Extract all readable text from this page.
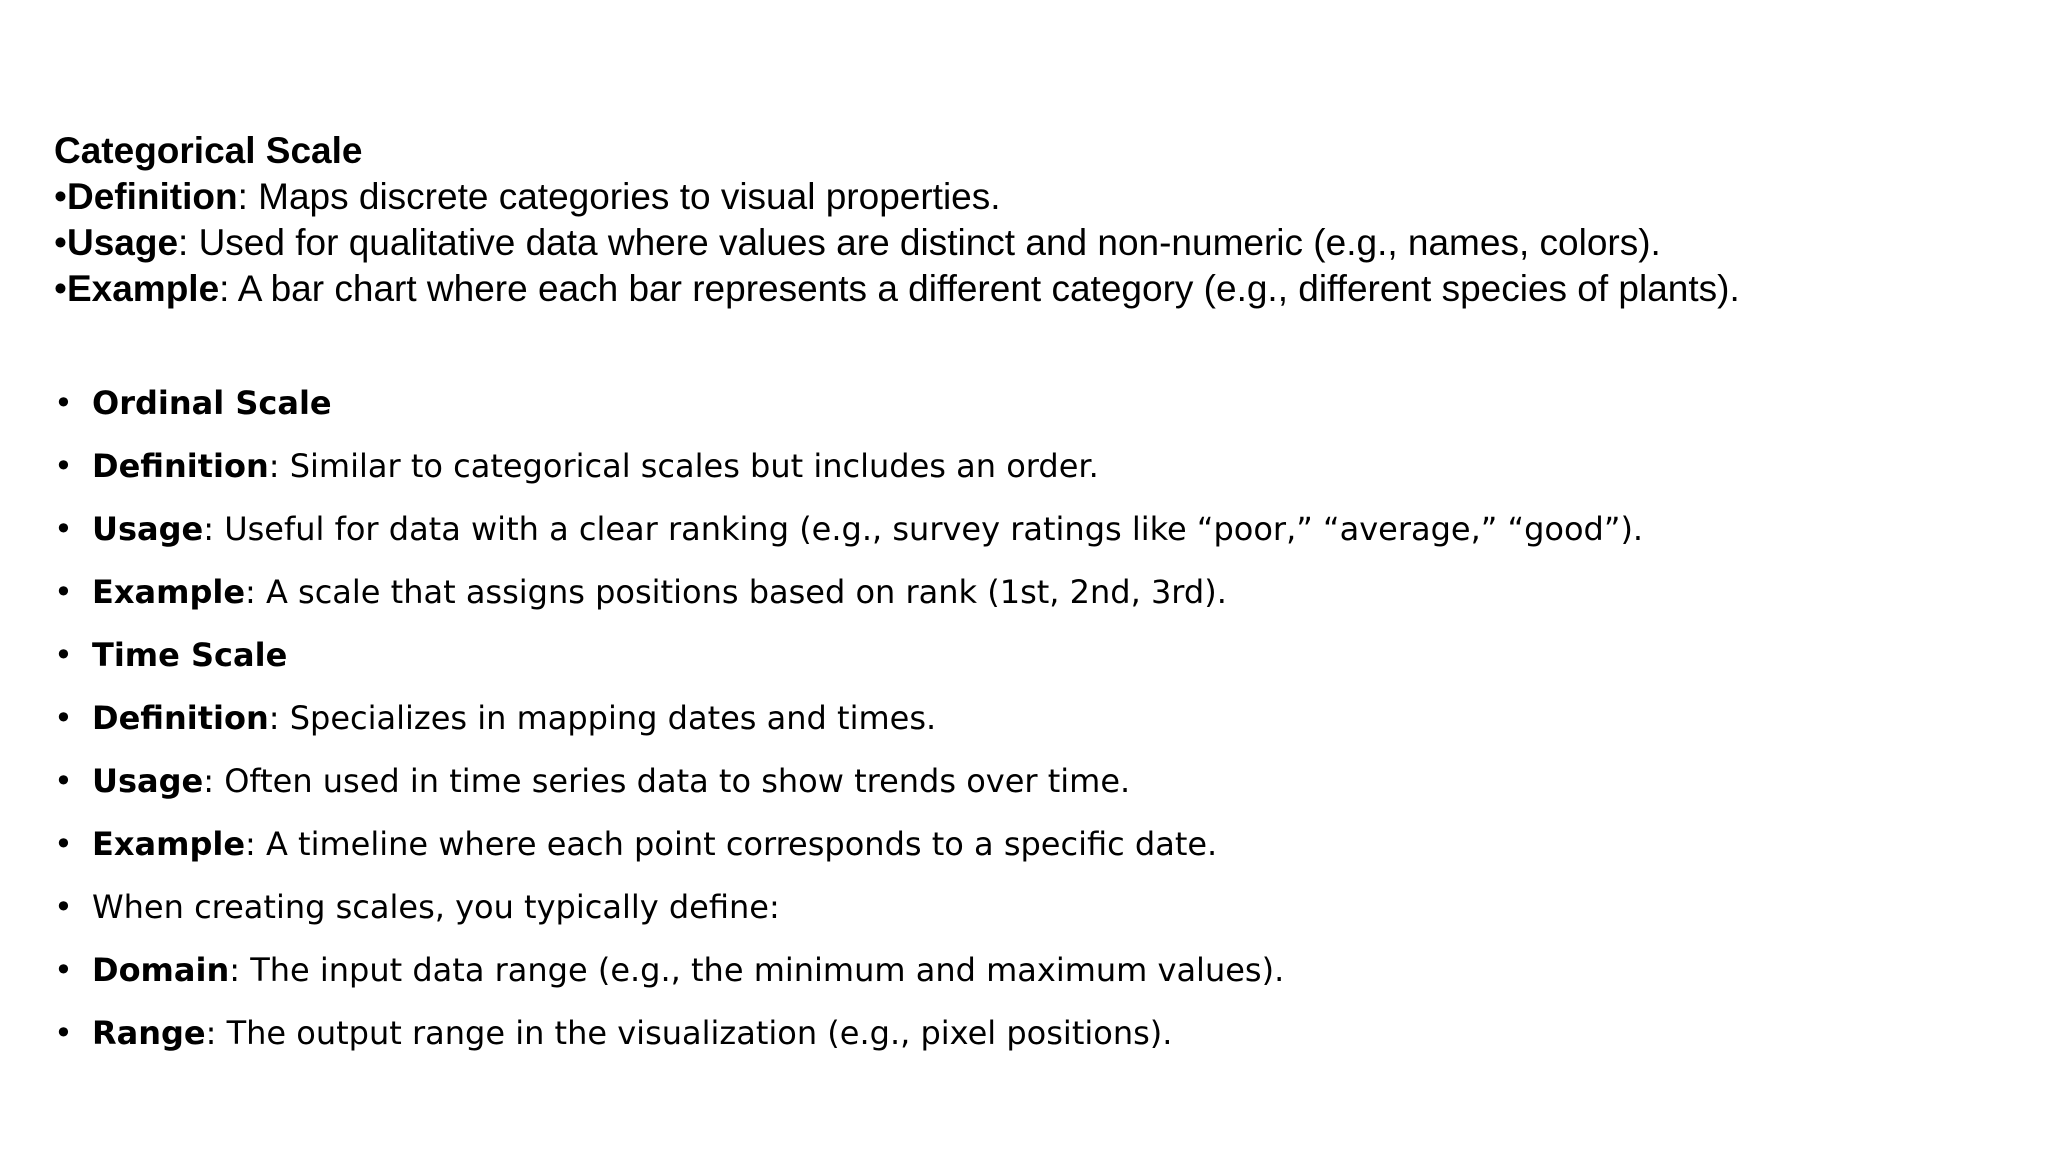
Categorical Scale
•Definition: Maps discrete categories to visual properties.
•Usage: Used for qualitative data where values are distinct and non-numeric (e.g., names, colors).
•Example: A bar chart where each bar represents a different category (e.g., different species of plants).
• Ordinal Scale
• Definition: Similar to categorical scales but includes an order.
• Usage: Useful for data with a clear ranking (e.g., survey ratings like “poor,” “average,” “good”).
• Example: A scale that assigns positions based on rank (1st, 2nd, 3rd).
• Time Scale
• Definition: Specializes in mapping dates and times.
• Usage: Often used in time series data to show trends over time.
• Example: A timeline where each point corresponds to a specific date.
• When creating scales, you typically define:
• Domain: The input data range (e.g., the minimum and maximum values).
• Range: The output range in the visualization (e.g., pixel positions).
